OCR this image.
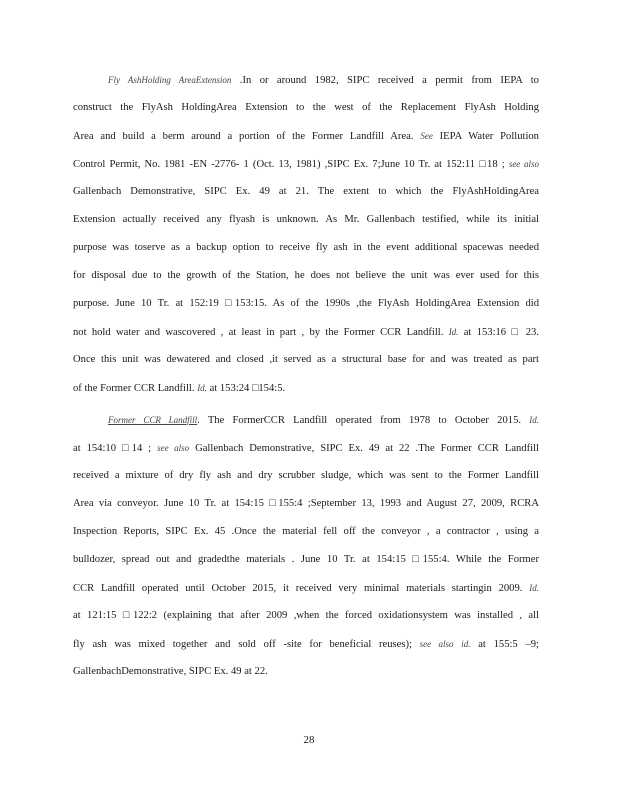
Fly AshHolding AreaExtension .In or around 1982, SIPC received a permit from IEPA to
construct the FlyAsh HoldingArea Extension to the west of the Replacement FlyAsh Holding
Area and build a berm around a portion of the Former Landfill Area. See IEPA Water Pollution
Control Permit, No. 1981 -EN -2776- 1 (Oct. 13, 1981) ,SIPC Ex. 7;June 10 Tr. at 152:11 □18 ; see also
Gallenbach Demonstrative, SIPC Ex. 49 at 21. The extent to which the FlyAshHoldingArea
Extension actually received any flyash is unknown. As Mr. Gallenbach testified, while its initial
purpose was toserve as a backup option to receive fly ash in the event additional spacewas needed
for disposal due to the growth of the Station, he does not believe the unit was ever used for this
purpose. June 10 Tr. at 152:19 □153:15. As of the 1990s ,the FlyAsh HoldingArea Extension did
not hold water and wascovered , at least in part , by the Former CCR Landfill. Id. at 153:16 □ 23.
Once this unit was dewatered and closed ,it served as a structural base for and was treated as part
of the Former CCR Landfill. Id. at 153:24 □154:5.
Former CCR Landfill. The FormerCCR Landfill operated from 1978 to October 2015. Id.
at 154:10 □14 ; see also Gallenbach Demonstrative, SIPC Ex. 49 at 22 .The Former CCR Landfill
received a mixture of dry fly ash and dry scrubber sludge, which was sent to the Former Landfill
Area via conveyor. June 10 Tr. at 154:15 □155:4 ;September 13, 1993 and August 27, 2009, RCRA
Inspection Reports, SIPC Ex. 45 .Once the material fell off the conveyor , a contractor , using a
bulldozer, spread out and gradedthe materials . June 10 Tr. at 154:15 □155:4. While the Former
CCR Landfill operated until October 2015, it received very minimal materials startingin 2009. Id.
at 121:15 □122:2 (explaining that after 2009 ,when the forced oxidationsystem was installed , all
fly ash was mixed together and sold off -site for beneficial reuses); see also id. at 155:5 –9;
GallenbachDemonstrative, SIPC Ex. 49 at 22.
28
